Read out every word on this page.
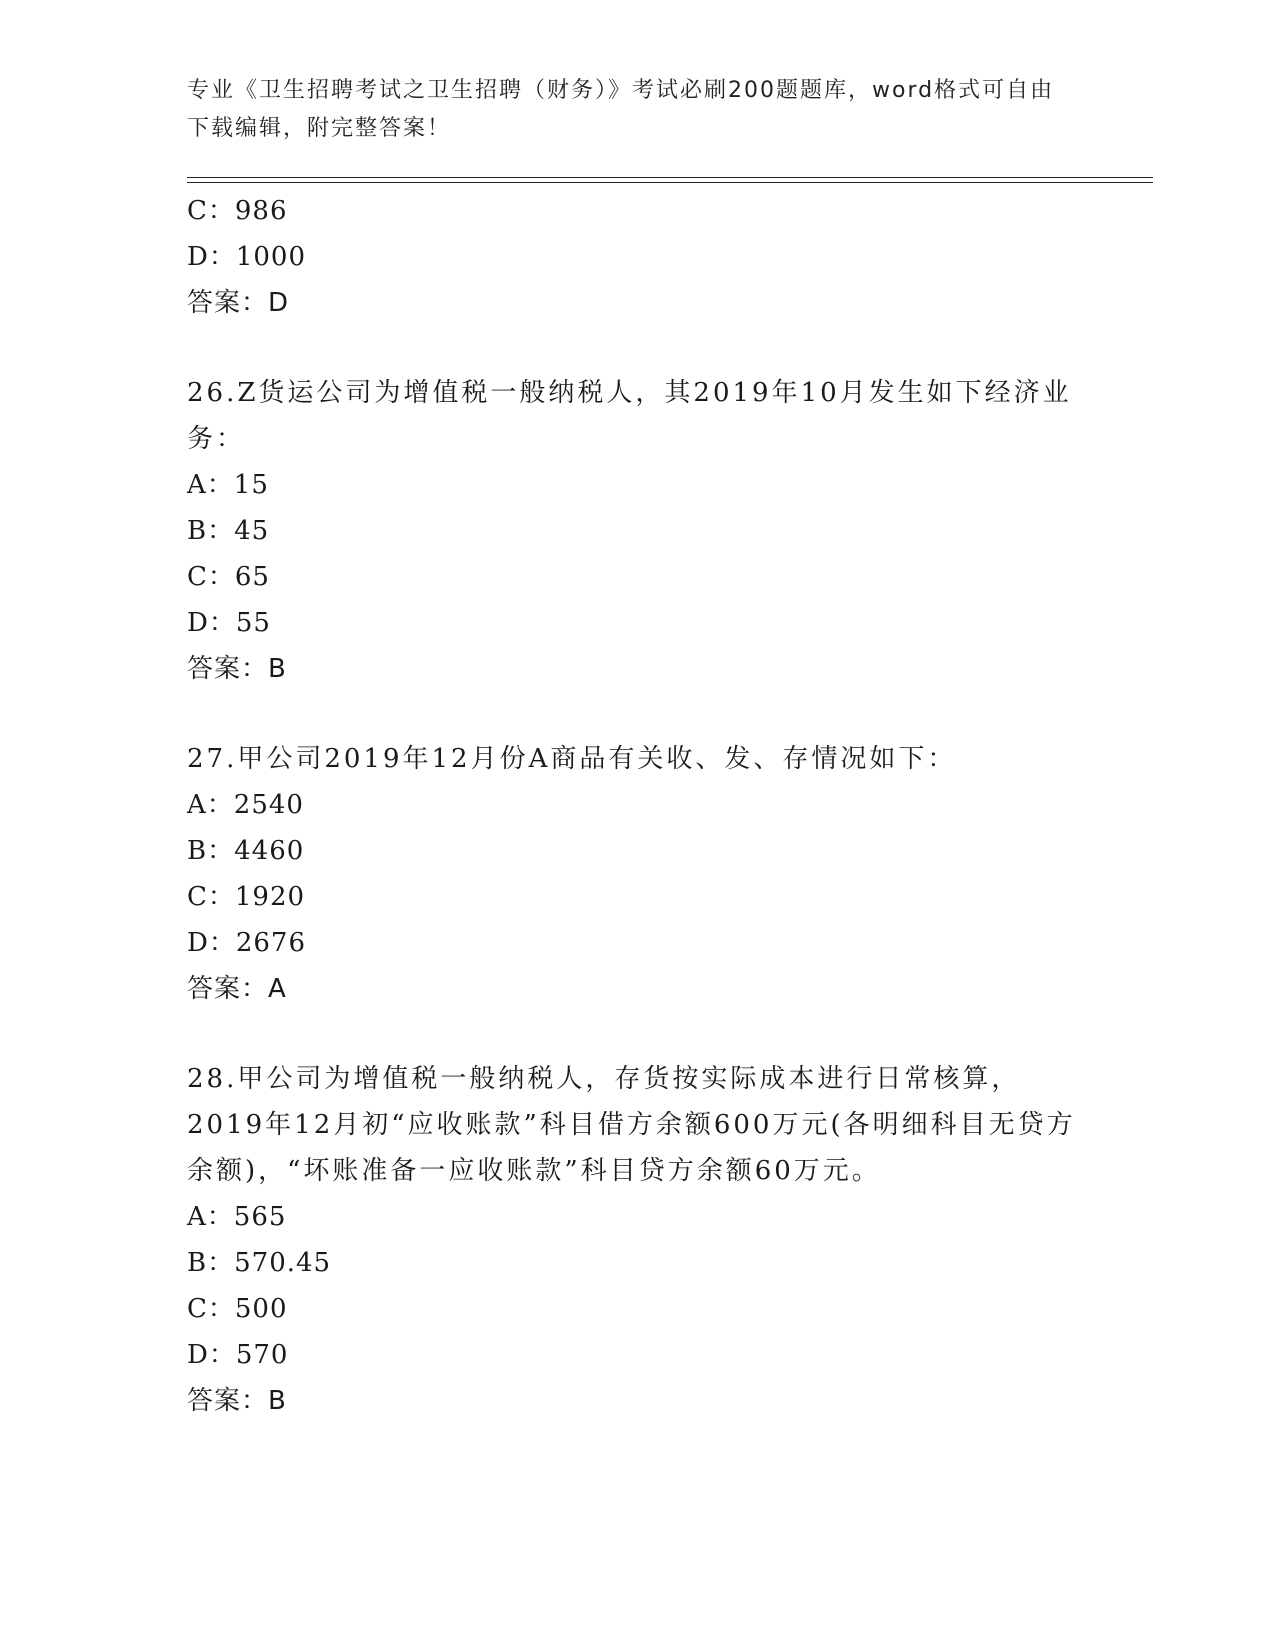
专业《卫生招聘考试之卫生招聘（财务）》考试必刷200题题库，word格式可自由下载编辑，附完整答案！
C：986
D：1000
答案：D
26.Z货运公司为增值税一般纳税人，其2019年10月发生如下经济业务：
A：15
B：45
C：65
D：55
答案：B
27.甲公司2019年12月份A商品有关收、发、存情况如下：
A：2540
B：4460
C：1920
D：2676
答案：A
28.甲公司为增值税一般纳税人，存货按实际成本进行日常核算，2019年12月初“应收账款”科目借方余额600万元(各明细科目无贷方余额)，“坏账准备一应收账款”科目贷方余额60万元。
A：565
B：570.45
C：500
D：570
答案：B
